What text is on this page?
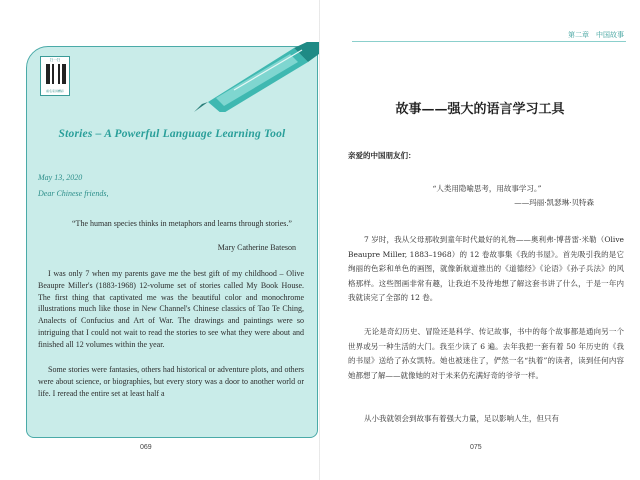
扫一扫
看名家讲精彩
Stories – A Powerful Language Learning Tool
May 13, 2020
Dear Chinese friends,
“The human species thinks in metaphors and learns through stories.”
Mary Catherine Bateson
I was only 7 when my parents gave me the best gift of my childhood – Olive Beaupre Miller's (1883-1968) 12-volume set of stories called My Book House. The first thing that captivated me was the beautiful color and monochrome illustrations much like those in New Channel's Chinese classics of Tao Te Ching, Analects of Confucius and Art of War. The drawings and paintings were so intriguing that I could not wait to read the stories to see what they were about and finished all 12 volumes within the year.
Some stories were fantasies, others had historical or adventure plots, and others were about science, or biographies, but every story was a door to another world or life. I reread the entire set at least half a
069
第二章　中国故事
故事——强大的语言学习工具
亲爱的中国朋友们：
“人类用隐喻思考，用故事学习。”
——玛丽·凯瑟琳·贝特森
7 岁时，我从父母那收到童年时代最好的礼物——奥利弗·博普雷·米勒（Olive Beaupre Miller, 1883–1968）的 12 卷故事集《我的书屋》。首先吸引我的是它绚丽的色彩和单色的画图，就像新航道推出的《道德经》《论语》《孙子兵法》的风格那样。这些图画非常有趣，让我迫不及待地想了解这套书讲了什么，于是一年内我就读完了全部的 12 卷。
无论是奇幻历史、冒险还是科学、传记故事，书中的每个故事都是通向另一个世界或另一种生活的大门。我至少读了 6 遍。去年我把一套有着 50 年历史的《我的书屋》送给了孙女凯特。她也被迷住了，俨然一名“执着”的读者，读到任何内容她都想了解——就像她的对于未来仍充满好奇的爷爷一样。
从小我就领会到故事有着强大力量，足以影响人生，但只有
075
